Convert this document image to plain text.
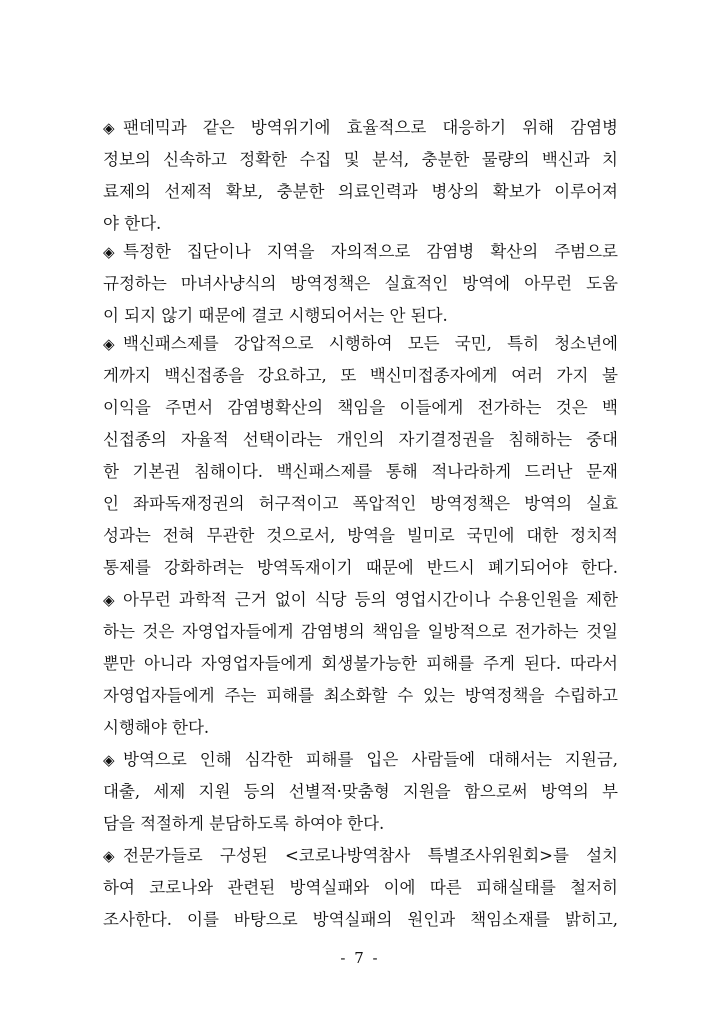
◈ 팬데믹과 같은 방역위기에 효율적으로 대응하기 위해 감염병
정보의 신속하고 정확한 수집 및 분석, 충분한 물량의 백신과 치
료제의 선제적 확보, 충분한 의료인력과 병상의 확보가 이루어져
야 한다.
◈ 특정한 집단이나 지역을 자의적으로 감염병 확산의 주범으로
규정하는 마녀사냥식의 방역정책은 실효적인 방역에 아무런 도움
이 되지 않기 때문에 결코 시행되어서는 안 된다.
◈ 백신패스제를 강압적으로 시행하여 모든 국민, 특히 청소년에
게까지 백신접종을 강요하고, 또 백신미접종자에게 여러 가지 불
이익을 주면서 감염병확산의 책임을 이들에게 전가하는 것은 백
신접종의 자율적 선택이라는 개인의 자기결정권을 침해하는 중대
한 기본권 침해이다. 백신패스제를 통해 적나라하게 드러난 문재
인 좌파독재정권의 허구적이고 폭압적인 방역정책은 방역의 실효
성과는 전혀 무관한 것으로서, 방역을 빌미로 국민에 대한 정치적
통제를 강화하려는 방역독재이기 때문에 반드시 폐기되어야 한다.
◈ 아무런 과학적 근거 없이 식당 등의 영업시간이나 수용인원을 제한
하는 것은 자영업자들에게 감염병의 책임을 일방적으로 전가하는 것일
뿐만 아니라 자영업자들에게 회생불가능한 피해를 주게 된다. 따라서
자영업자들에게 주는 피해를 최소화할 수 있는 방역정책을 수립하고
시행해야 한다.
◈ 방역으로 인해 심각한 피해를 입은 사람들에 대해서는 지원금,
대출, 세제 지원 등의 선별적·맞춤형 지원을 함으로써 방역의 부
담을 적절하게 분담하도록 하여야 한다.
◈ 전문가들로 구성된 <코로나방역참사 특별조사위원회>를 설치
하여 코로나와 관련된 방역실패와 이에 따른 피해실태를 철저히
조사한다. 이를 바탕으로 방역실패의 원인과 책임소재를 밝히고,
- 7 -
